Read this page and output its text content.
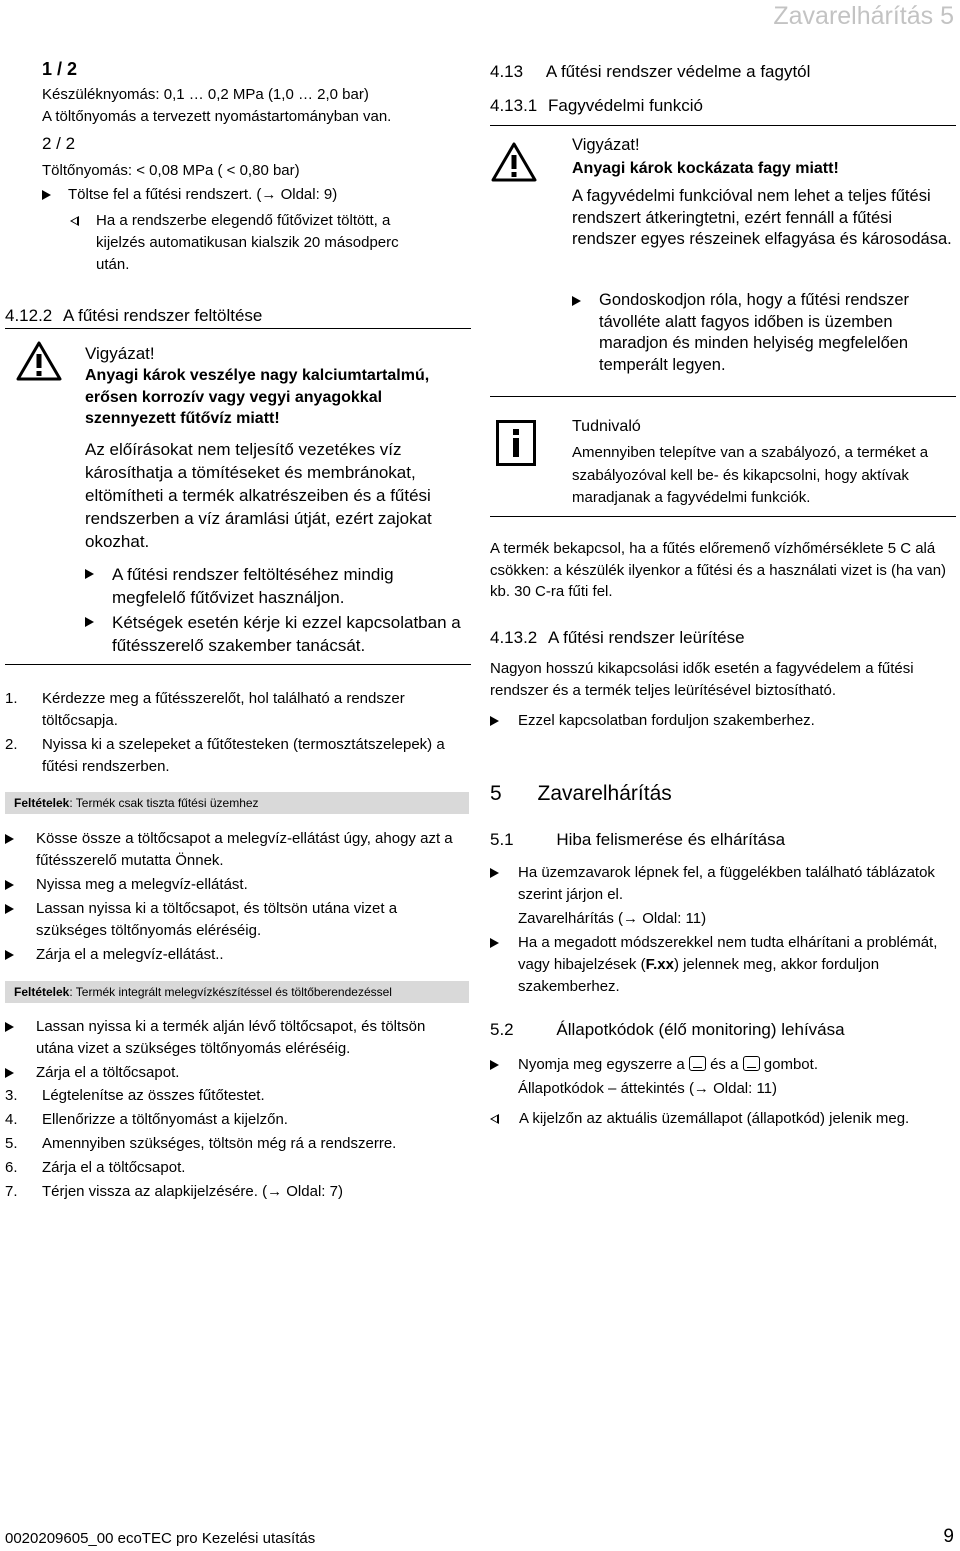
Zavarelhárítás 5
1 / 2
Készüléknyomás: 0,1 … 0,2 MPa (1,0 … 2,0 bar)
A töltőnyomás a tervezett nyomástartományban van.
2 / 2
Töltőnyomás: < 0,08 MPa ( < 0,80 bar)
Töltse fel a fűtési rendszert. (→ Oldal: 9)
Ha a rendszerbe elegendő fűtővizet töltött, a kijelzés automatikusan kialszik 20 másodperc után.
4.12.2 A fűtési rendszer feltöltése
Vigyázat!
Anyagi károk veszélye nagy kalciumtartalmú, erősen korrozív vagy vegyi anyagokkal szennyezett fűtővíz miatt!
Az előírásokat nem teljesítő vezetékes víz károsíthatja a tömítéseket és membránokat, eltömítheti a termék alkatrészeiben és a fűtési rendszerben a víz áramlási útját, ezért zajokat okozhat.
A fűtési rendszer feltöltéséhez mindig megfelelő fűtővizet használjon.
Kétségek esetén kérje ki ezzel kapcsolatban a fűtésszerelő szakember tanácsát.
1.	Kérdezze meg a fűtésszerelőt, hol található a rendszer töltőcsapja.
2.	Nyissa ki a szelepeket a fűtőtesteken (termosztátszelepek) a fűtési rendszerben.
Feltételek: Termék csak tiszta fűtési üzemhez
Kösse össze a töltőcsapot a melegvíz-ellátást úgy, ahogy azt a fűtésszerelő mutatta Önnek.
Nyissa meg a melegvíz-ellátást.
Lassan nyissa ki a töltőcsapot, és töltsön utána vizet a szükséges töltőnyomás eléréséig.
Zárja el a melegvíz-ellátást..
Feltételek: Termék integrált melegvízkészítéssel és töltőberendezéssel
Lassan nyissa ki a termék alján lévő töltőcsapot, és töltsön utána vizet a szükséges töltőnyomás eléréséig.
Zárja el a töltőcsapot.
3.	Légtelenítse az összes fűtőtestet.
4.	Ellenőrizze a töltőnyomást a kijelzőn.
5.	Amennyiben szükséges, töltsön még rá a rendszerre.
6.	Zárja el a töltőcsapot.
7.	Térjen vissza az alapkijelzésére. (→ Oldal: 7)
4.13 A fűtési rendszer védelme a fagytól
4.13.1 Fagyvédelmi funkció
Vigyázat!
Anyagi károk kockázata fagy miatt!
A fagyvédelmi funkcióval nem lehet a teljes fűtési rendszert átkeringtetni, ezért fennáll a fűtési rendszer egyes részeinek elfagyása és károsodása.
Gondoskodjon róla, hogy a fűtési rendszer távolléte alatt fagyos időben is üzemben maradjon és minden helyiség megfelelően temperált legyen.
Tudnivaló
Amennyiben telepítve van a szabályozó, a terméket a szabályozóval kell be- és kikapcsolni, hogy aktívak maradjanak a fagyvédelmi funkciók.
A termék bekapcsol, ha a fűtés előremenő vízhőmérséklete 5 C alá csökken: a készülék ilyenkor a fűtési és a használati vizet is (ha van) kb. 30 C-ra fűti fel.
4.13.2 A fűtési rendszer leürítése
Nagyon hosszú kikapcsolási idők esetén a fagyvédelem a fűtési rendszer és a termék teljes leürítésével biztosítható.
Ezzel kapcsolatban forduljon szakemberhez.
5 Zavarelhárítás
5.1	Hiba felismerése és elhárítása
Ha üzemzavarok lépnek fel, a függelékben található táblázatok szerint járjon el.
Zavarelhárítás (→ Oldal: 11)
Ha a megadott módszerekkel nem tudta elhárítani a problémát, vagy hibajelzések (F.xx) jelennek meg, akkor forduljon szakemberhez.
5.2	Állapotkódok (élő monitoring) lehívása
Nyomja meg egyszerre a és a gombot.
Állapotkódok – áttekintés (→ Oldal: 11)
A kijelzőn az aktuális üzemállapot (állapotkód) jelenik meg.
0020209605_00 ecoTEC pro Kezelési utasítás	9
